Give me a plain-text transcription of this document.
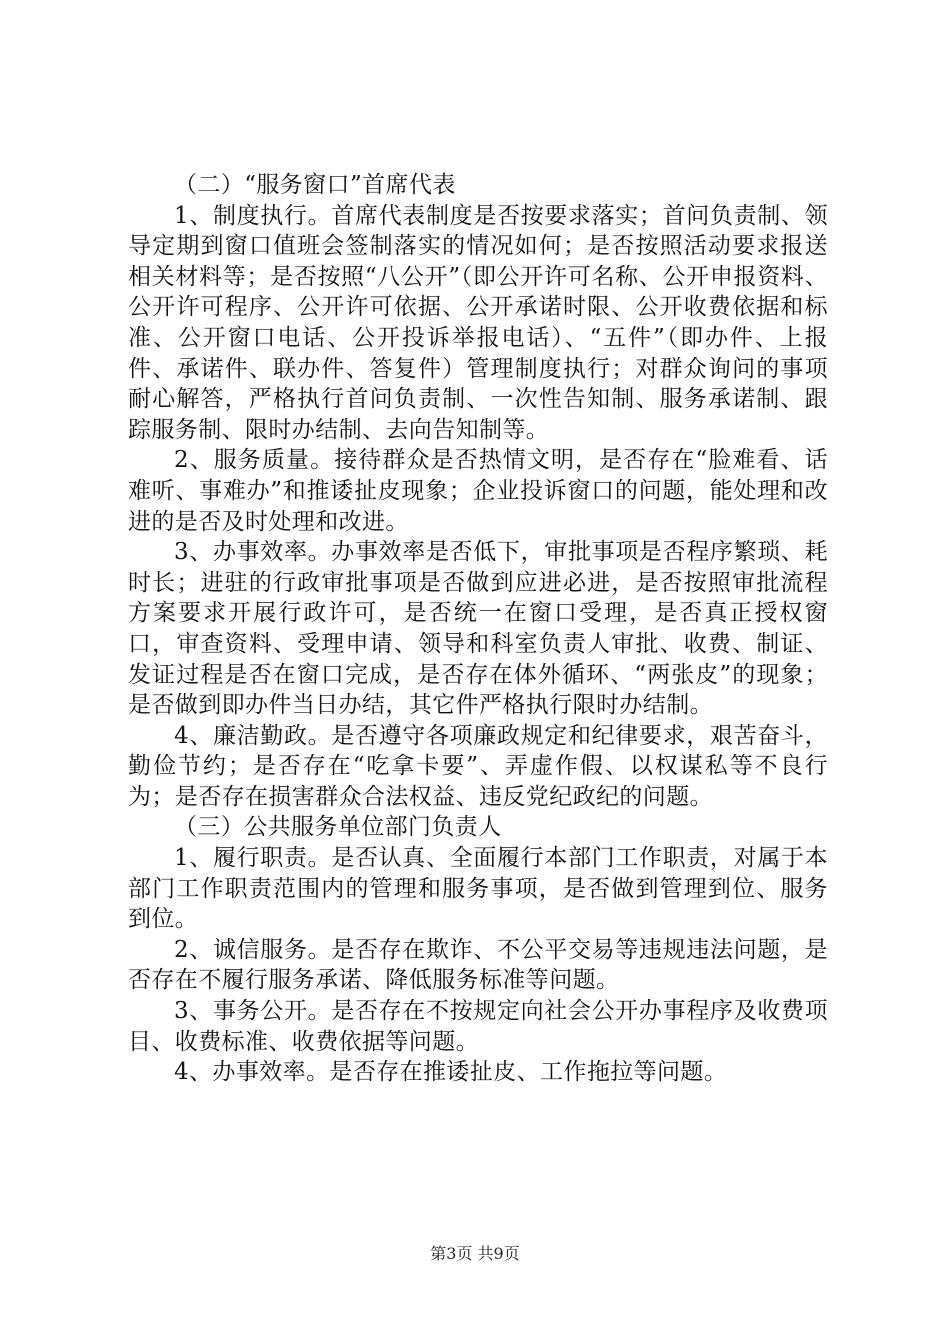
（二）“服务窗口”首席代表

1、制度执行。首席代表制度是否按要求落实；首问负责制、领导定期到窗口值班会签制落实的情况如何；是否按照活动要求报送相关材料等；是否按照“八公开”（即公开许可名称、公开申报资料、公开许可程序、公开许可依据、公开承诺时限、公开收费依据和标准、公开窗口电话、公开投诉举报电话）、“五件”（即办件、上报件、承诺件、联办件、答复件）管理制度执行；对群众询问的事项耐心解答，严格执行首问负责制、一次性告知制、服务承诺制、跟踪服务制、限时办结制、去向告知制等。

2、服务质量。接待群众是否热情文明，是否存在“脸难看、话难听、事难办”和推诿扯皮现象；企业投诉窗口的问题，能处理和改进的是否及时处理和改进。

3、办事效率。办事效率是否低下，审批事项是否程序繁琐、耗时长；进驻的行政审批事项是否做到应进必进，是否按照审批流程方案要求开展行政许可，是否统一在窗口受理，是否真正授权窗口，审查资料、受理申请、领导和科室负责人审批、收费、制证、发证过程是否在窗口完成，是否存在体外循环、“两张皮”的现象；是否做到即办件当日办结，其它件严格执行限时办结制。

4、廉洁勤政。是否遵守各项廉政规定和纪律要求，艰苦奋斗，勤俭节约；是否存在“吃拿卡要”、弄虚作假、以权谋私等不良行为；是否存在损害群众合法权益、违反党纪政纪的问题。

（三）公共服务单位部门负责人

1、履行职责。是否认真、全面履行本部门工作职责，对属于本部门工作职责范围内的管理和服务事项，是否做到管理到位、服务到位。

2、诚信服务。是否存在欺诈、不公平交易等违规违法问题，是否存在不履行服务承诺、降低服务标准等问题。

3、事务公开。是否存在不按规定向社会公开办事程序及收费项目、收费标准、收费依据等问题。

4、办事效率。是否存在推诿扯皮、工作拖拉等问题。

第3页 共9页
